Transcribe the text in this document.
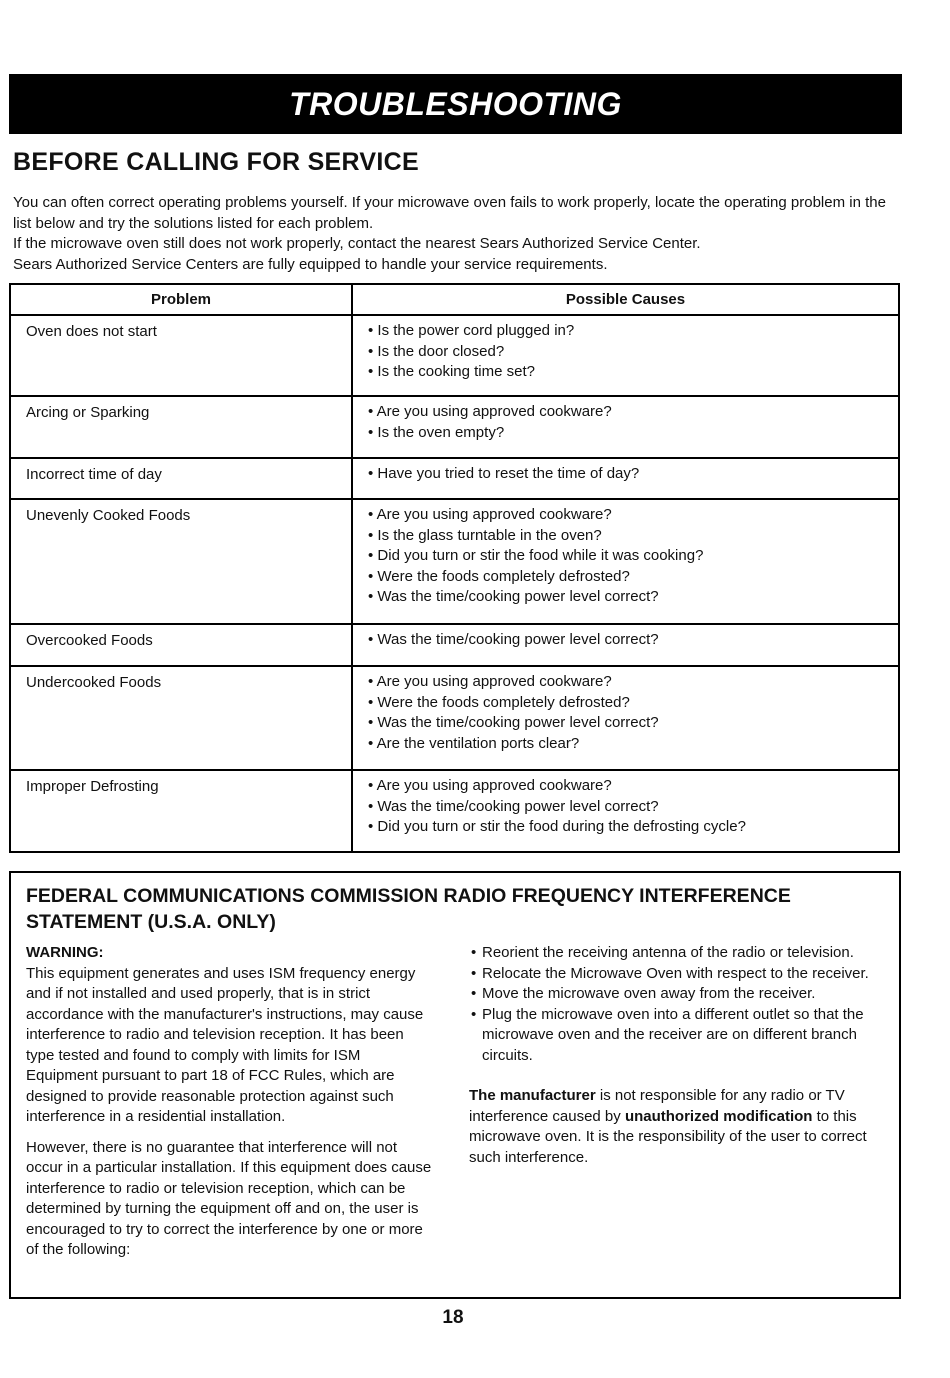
TROUBLESHOOTING
BEFORE CALLING FOR SERVICE

You can often correct operating problems yourself. If your microwave oven fails to work properly, locate the operating problem in the list below and try the solutions listed for each problem.

If the microwave oven still does not work properly, contact the nearest Sears Authorized Service Center.

Sears Authorized Service Centers are fully equipped to handle your service requirements.

Problem	Possible Causes
Oven does not start	• Is the power cord plugged in?
• Is the door closed?
• Is the cooking time set?

Arcing or Sparking	• Are you using approved cookware?
• Is the oven empty?

Incorrect time of day	• Have you tried to reset the time of day?

Unevenly Cooked Foods	• Are you using approved cookware?
• Is the glass turntable in the oven?
• Did you turn or stir the food while it was cooking?
• Were the foods completely defrosted?
• Was the time/cooking power level correct?

Overcooked Foods	• Was the time/cooking power level correct?

Undercooked Foods	• Are you using approved cookware?
• Were the foods completely defrosted?
• Was the time/cooking power level correct?
• Are the ventilation ports clear?

Improper Defrosting	• Are you using approved cookware?
• Was the time/cooking power level correct?
• Did you turn or stir the food during the defrosting cycle?
FEDERAL COMMUNICATIONS COMMISSION RADIO FREQUENCY INTERFERENCE STATEMENT (U.S.A. ONLY)
WARNING:

This equipment generates and uses ISM frequency energy and if not installed and used properly, that is in strict accordance with the manufacturer's instructions, may cause interference to radio and television reception. It has been type tested and found to comply with limits for ISM Equipment pursuant to part 18 of FCC Rules, which are designed to provide reasonable protection against such interference in a residential installation.

However, there is no guarantee that interference will not occur in a particular installation. If this equipment does cause interference to radio or television reception, which can be determined by turning the equipment off and on, the user is encouraged to try to correct the interference by one or more of the following:

• Reorient the receiving antenna of the radio or television.
• Relocate the Microwave Oven with respect to the receiver.
• Move the microwave oven away from the receiver.
• Plug the microwave oven into a different outlet so that the microwave oven and the receiver are on different branch circuits.

The manufacturer is not responsible for any radio or TV interference caused by unauthorized modification to this microwave oven. It is the responsibility of the user to correct such interference.

18
